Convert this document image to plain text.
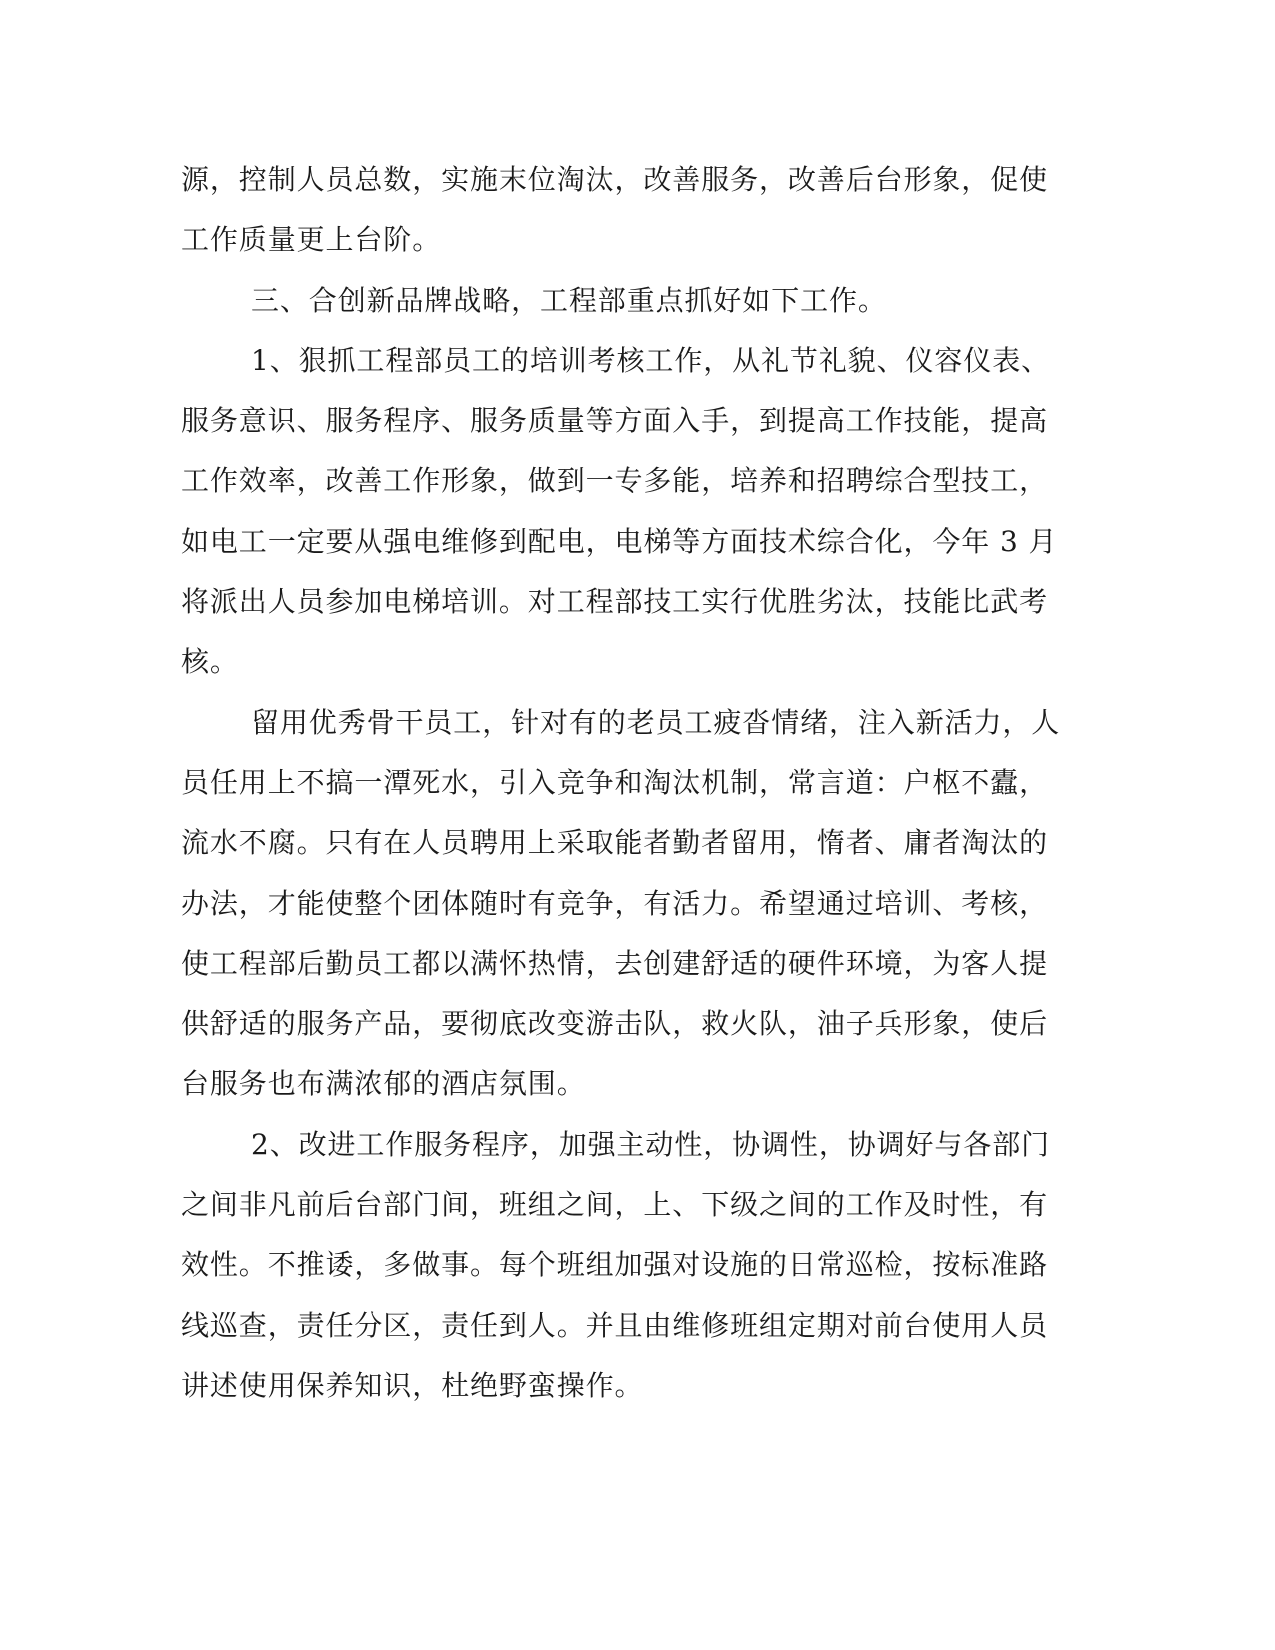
源，控制人员总数，实施末位淘汰，改善服务，改善后台形象，促使
工作质量更上台阶。
三、合创新品牌战略，工程部重点抓好如下工作。
1、狠抓工程部员工的培训考核工作，从礼节礼貌、仪容仪表、
服务意识、服务程序、服务质量等方面入手，到提高工作技能，提高
工作效率，改善工作形象，做到一专多能，培养和招聘综合型技工，
如电工一定要从强电维修到配电，电梯等方面技术综合化，今年 3 月
将派出人员参加电梯培训。对工程部技工实行优胜劣汰，技能比武考
核。
留用优秀骨干员工，针对有的老员工疲沓情绪，注入新活力，人
员任用上不搞一潭死水，引入竞争和淘汰机制，常言道：户枢不蠹，
流水不腐。只有在人员聘用上采取能者勤者留用，惰者、庸者淘汰的
办法，才能使整个团体随时有竞争，有活力。希望通过培训、考核，
使工程部后勤员工都以满怀热情，去创建舒适的硬件环境，为客人提
供舒适的服务产品，要彻底改变游击队，救火队，油子兵形象，使后
台服务也布满浓郁的酒店氛围。
2、改进工作服务程序，加强主动性，协调性，协调好与各部门
之间非凡前后台部门间，班组之间，上、下级之间的工作及时性，有
效性。不推诿，多做事。每个班组加强对设施的日常巡检，按标准路
线巡查，责任分区，责任到人。并且由维修班组定期对前台使用人员
讲述使用保养知识，杜绝野蛮操作。
